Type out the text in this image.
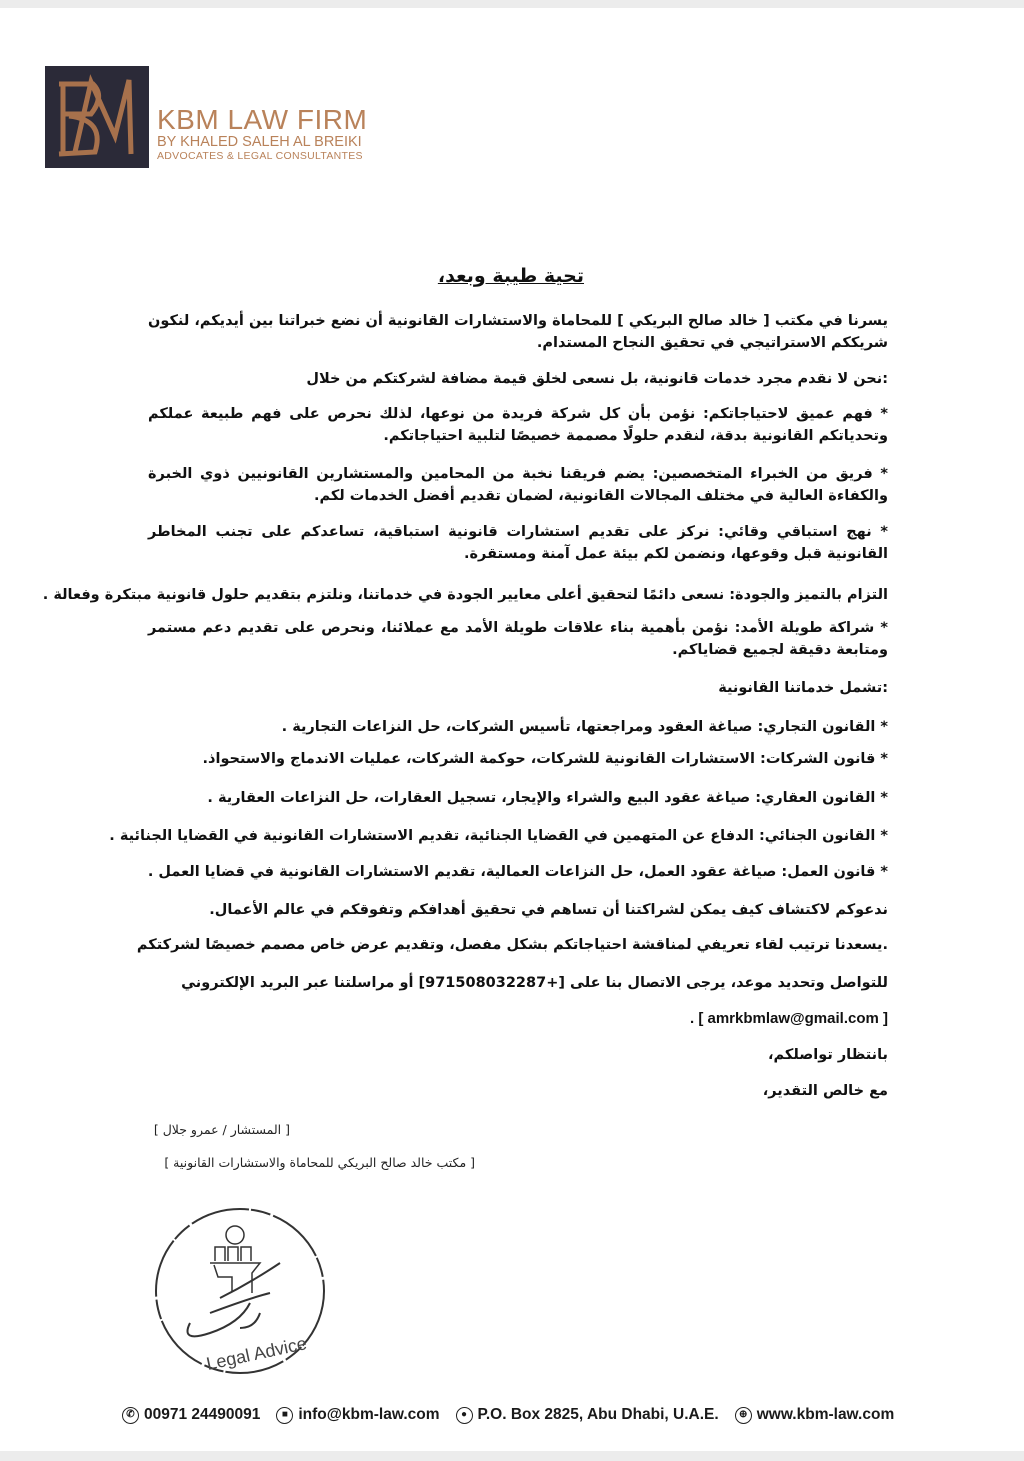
KBM LAW FIRM
BY KHALED SALEH AL BREIKI
ADVOCATES & LEGAL CONSULTANTES
تحية طيبة وبعد،
يسرنا في مكتب [ خالد صالح البريكي ] للمحاماة والاستشارات القانونية أن نضع خبراتنا بين أيديكم، لنكون شريككم الاستراتيجي في تحقيق النجاح المستدام.
:نحن لا نقدم مجرد خدمات قانونية، بل نسعى لخلق قيمة مضافة لشركتكم من خلال
* فهم عميق لاحتياجاتكم: نؤمن بأن كل شركة فريدة من نوعها، لذلك نحرص على فهم طبيعة عملكم وتحدياتكم القانونية بدقة، لنقدم حلولًا مصممة خصيصًا لتلبية احتياجاتكم.
* فريق من الخبراء المتخصصين: يضم فريقنا نخبة من المحامين والمستشارين القانونيين ذوي الخبرة والكفاءة العالية في مختلف المجالات القانونية، لضمان تقديم أفضل الخدمات لكم.
* نهج استباقي وقائي: نركز على تقديم استشارات قانونية استباقية، تساعدكم على تجنب المخاطر القانونية قبل وقوعها، ونضمن لكم بيئة عمل آمنة ومستقرة.
التزام بالتميز والجودة: نسعى دائمًا لتحقيق أعلى معايير الجودة في خدماتنا، ونلتزم بتقديم حلول قانونية مبتكرة وفعالة .
* شراكة طويلة الأمد: نؤمن بأهمية بناء علاقات طويلة الأمد مع عملائنا، ونحرص على تقديم دعم مستمر ومتابعة دقيقة لجميع قضاياكم.
:تشمل خدماتنا القانونية
* القانون التجاري: صياغة العقود ومراجعتها، تأسيس الشركات، حل النزاعات التجارية .
* قانون الشركات: الاستشارات القانونية للشركات، حوكمة الشركات، عمليات الاندماج والاستحواذ.
* القانون العقاري: صياغة عقود البيع والشراء والإيجار، تسجيل العقارات، حل النزاعات العقارية .
* القانون الجنائي: الدفاع عن المتهمين في القضايا الجنائية، تقديم الاستشارات القانونية في القضايا الجنائية .
* قانون العمل: صياغة عقود العمل، حل النزاعات العمالية، تقديم الاستشارات القانونية في قضايا العمل .
ندعوكم لاكتشاف كيف يمكن لشراكتنا أن تساهم في تحقيق أهدافكم وتفوقكم في عالم الأعمال.
.يسعدنا ترتيب لقاء تعريفي لمناقشة احتياجاتكم بشكل مفصل، وتقديم عرض خاص مصمم خصيصًا لشركتكم
للتواصل وتحديد موعد، يرجى الاتصال بنا على [+971508032287] أو مراسلتنا عبر البريد الإلكتروني
. [ amrkbmlaw@gmail.com ]
بانتظار تواصلكم،
مع خالص التقدير،
[ المستشار / عمرو جلال ]
[ مكتب خالد صالح البريكي للمحاماة والاستشارات القانونية ]
Legal Advice
✆ 00971 24490091	■ info@kbm-law.com	● P.O. Box 2825, Abu Dhabi, U.A.E.	⊕ www.kbm-law.com
